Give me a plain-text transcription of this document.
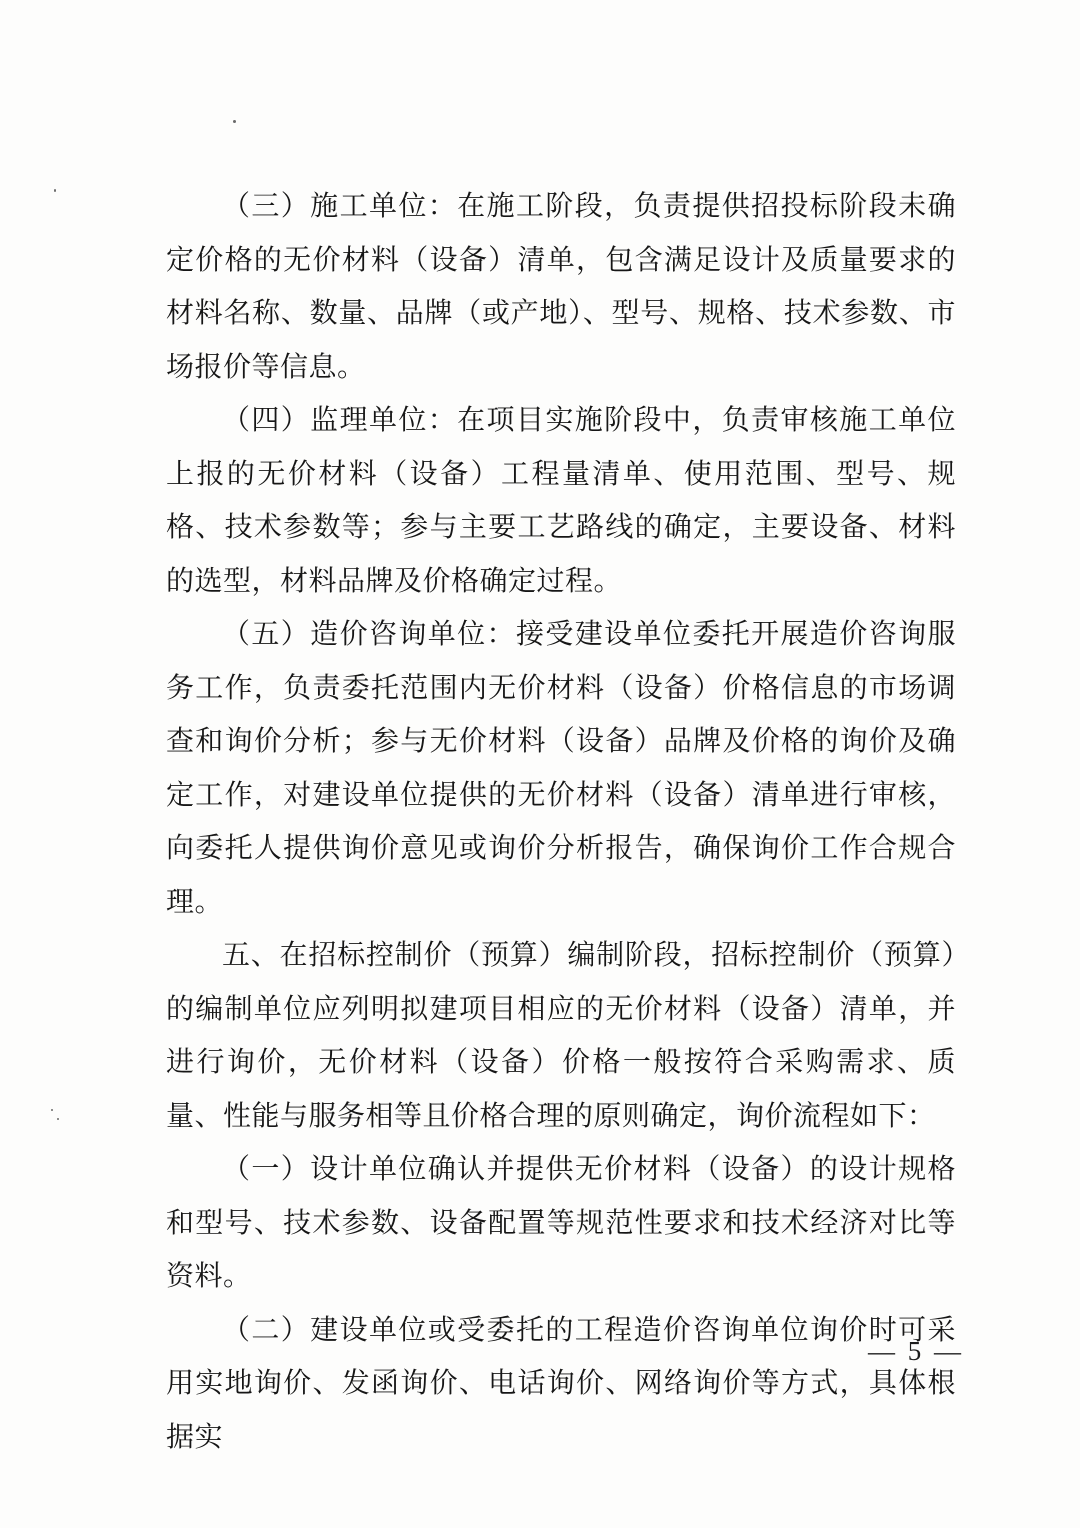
（三）施工单位：在施工阶段，负责提供招投标阶段未确定价格的无价材料（设备）清单，包含满足设计及质量要求的材料名称、数量、品牌（或产地）、型号、规格、技术参数、市场报价等信息。

（四）监理单位：在项目实施阶段中，负责审核施工单位上报的无价材料（设备）工程量清单、使用范围、型号、规格、技术参数等；参与主要工艺路线的确定，主要设备、材料的选型，材料品牌及价格确定过程。

（五）造价咨询单位：接受建设单位委托开展造价咨询服务工作，负责委托范围内无价材料（设备）价格信息的市场调查和询价分析；参与无价材料（设备）品牌及价格的询价及确定工作，对建设单位提供的无价材料（设备）清单进行审核，向委托人提供询价意见或询价分析报告，确保询价工作合规合理。

五、在招标控制价（预算）编制阶段，招标控制价（预算）的编制单位应列明拟建项目相应的无价材料（设备）清单，并进行询价，无价材料（设备）价格一般按符合采购需求、质量、性能与服务相等且价格合理的原则确定，询价流程如下：

（一）设计单位确认并提供无价材料（设备）的设计规格和型号、技术参数、设备配置等规范性要求和技术经济对比等资料。

（二）建设单位或受委托的工程造价咨询单位询价时可采用实地询价、发函询价、电话询价、网络询价等方式，具体根据实

— 5 —
